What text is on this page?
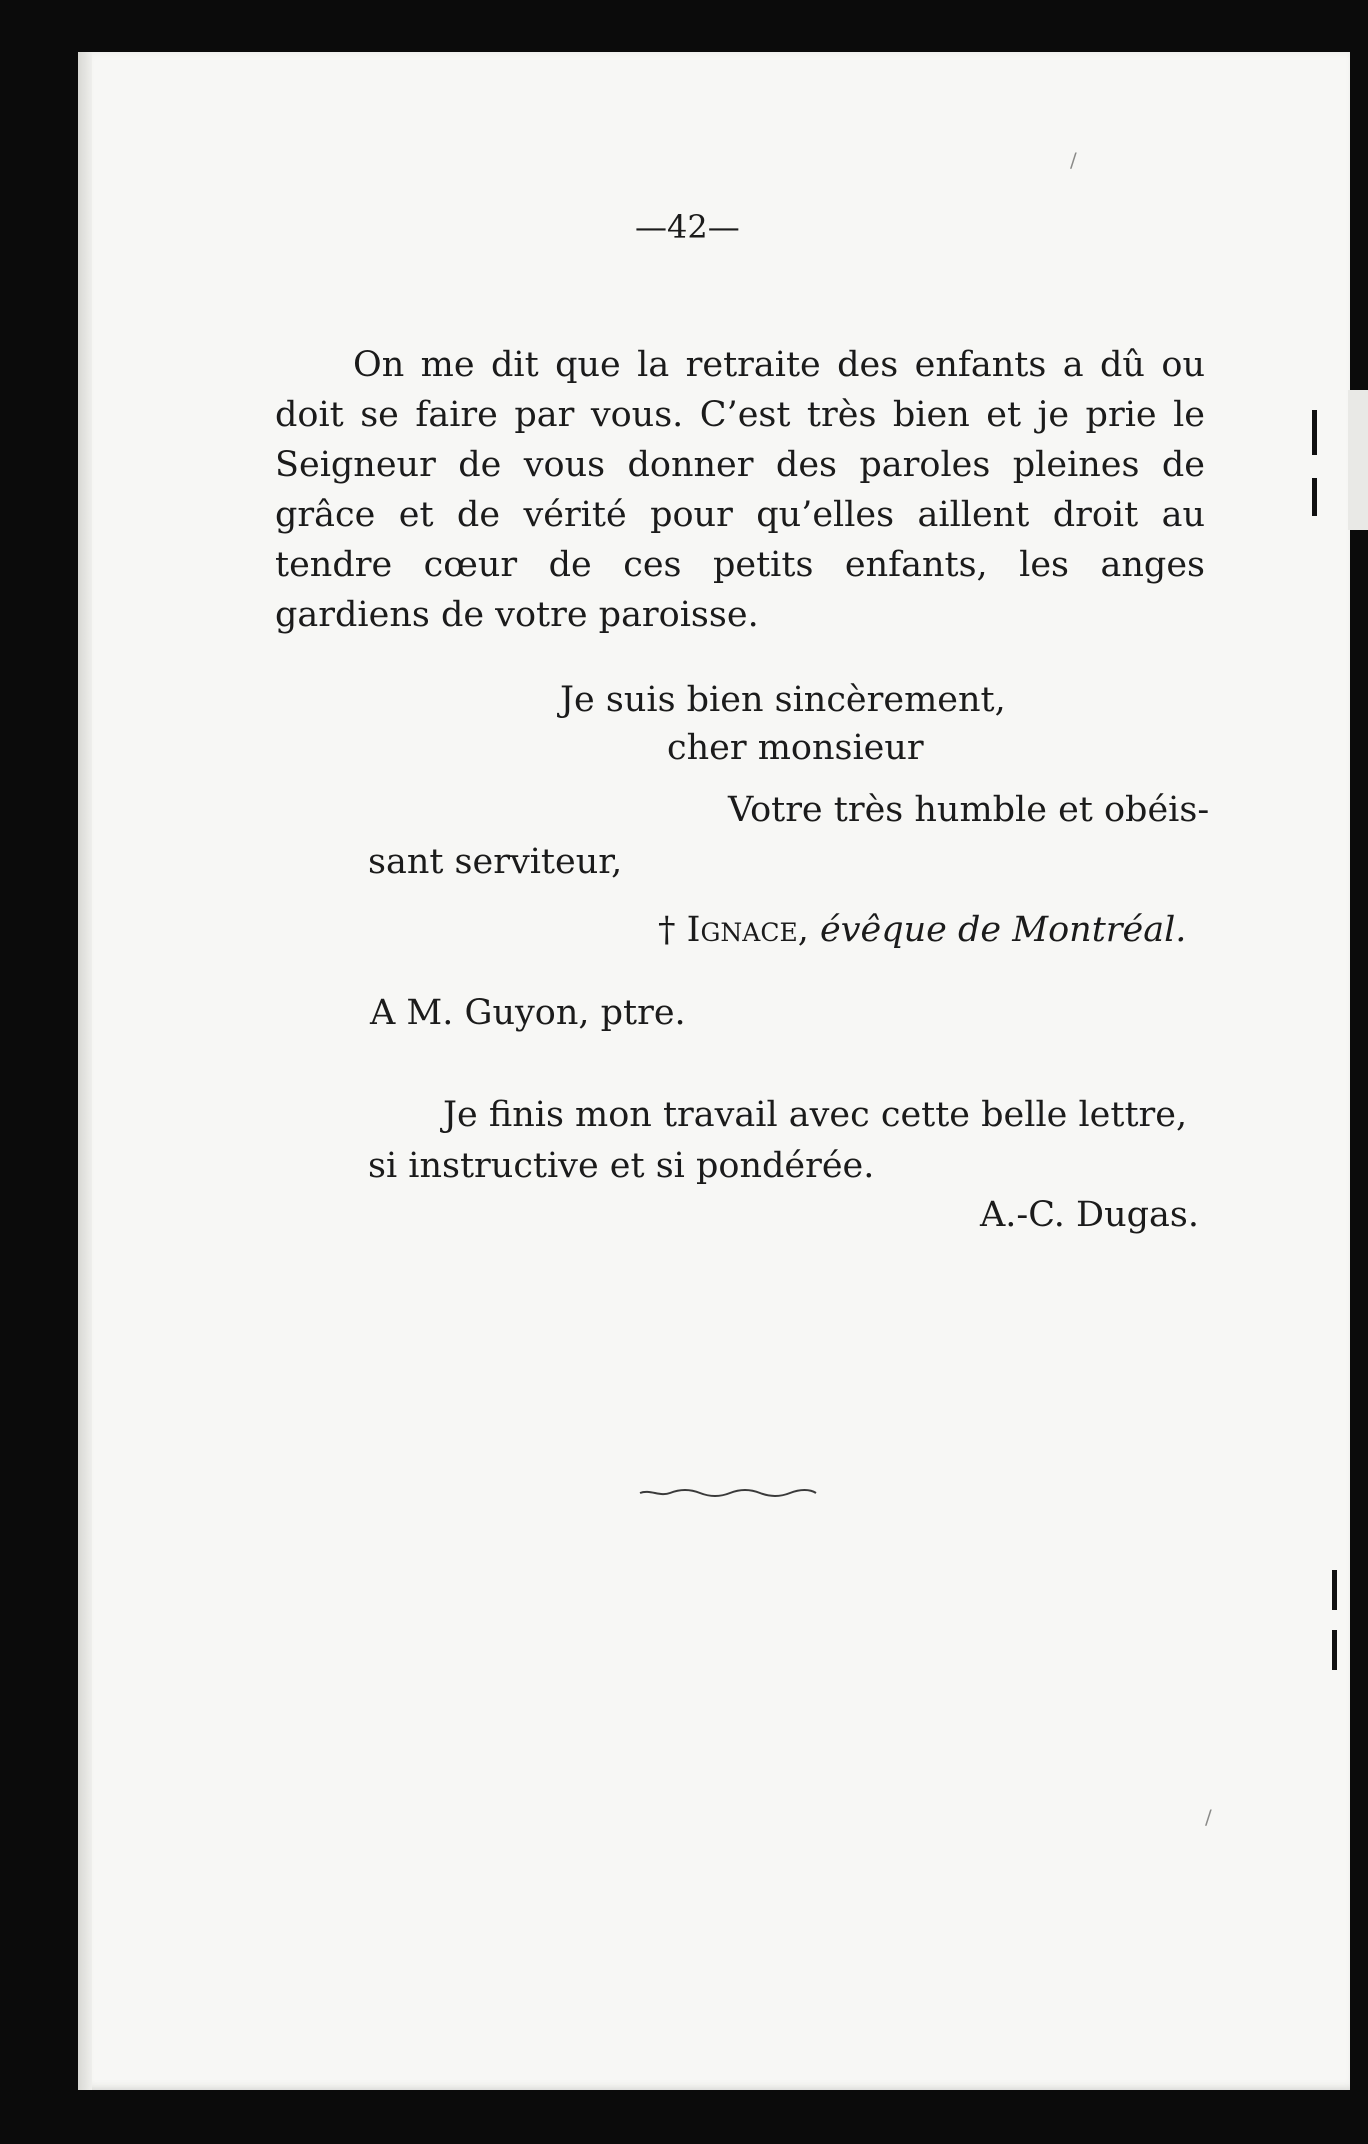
—42—
On me dit que la retraite des enfants a dû ou doit se faire par vous. C’est très bien et je prie le Seigneur de vous donner des paroles pleines de grâce et de vérité pour qu’elles aillent droit au tendre cœur de ces petits enfants, les anges gardiens de votre paroisse.
Je suis bien sincèrement,
cher monsieur
Votre très humble et obéis-
sant serviteur,
† Ignace, évêque de Montréal.
A M. Guyon, ptre.
Je finis mon travail avec cette belle lettre,
si instructive et si pondérée.
A.-C. Dugas.
/
/
